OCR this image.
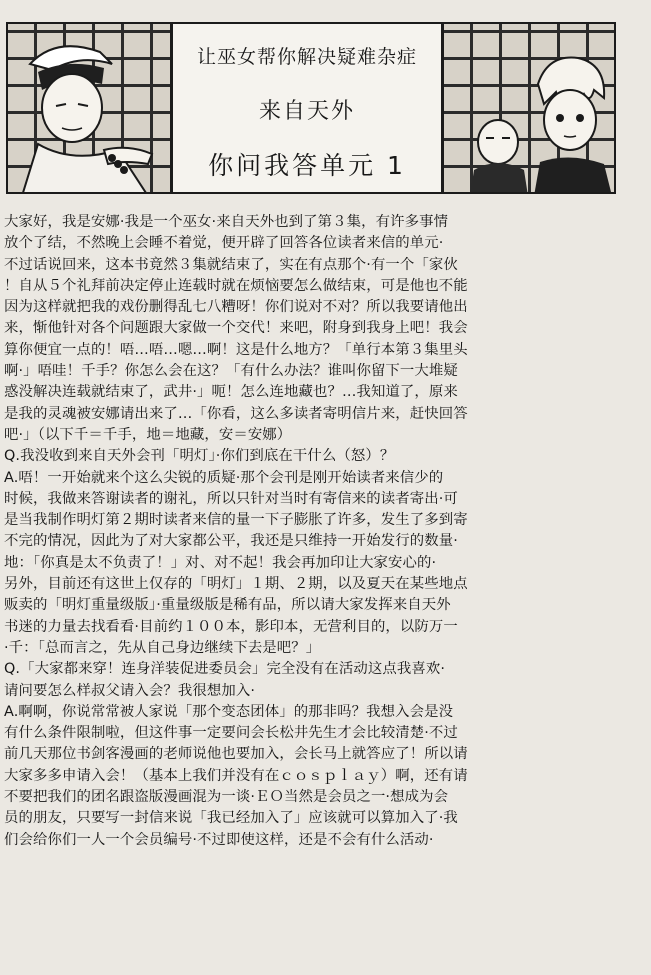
让巫女帮你解决疑难杂症
来自天外
你问我答单元 1

大家好，我是安娜·我是一个巫女·来自天外也到了第３集，有许多事情

放个了结，不然晚上会睡不着觉，便开辟了回答各位读者来信的单元·

不过话说回来，这本书竟然３集就结束了，实在有点那个·有一个「家伙

！自从５个礼拜前决定停止连载时就在烦恼要怎么做结束，可是他也不能

因为这样就把我的戏份删得乱七八糟呀！你们说对不对？所以我要请他出

来，惭他针对各个问题跟大家做一个交代！来吧，附身到我身上吧！我会

算你便宜一点的！唔…唔…嗯…啊！这是什么地方？「单行本第３集里头

啊·」唔哇！千手？你怎么会在这？「有什么办法？谁叫你留下一大堆疑

惑没解决连载就结束了，武井·」呃！怎么连地藏也？…我知道了，原来

是我的灵魂被安娜请出来了…「你看，这么多读者寄明信片来，赶快回答

吧·」（以下千＝千手，地＝地藏，安＝安娜）

Q.我没收到来自天外会刊「明灯」·你们到底在干什么（怒）？

A.唔！一开始就来个这么尖锐的质疑·那个会刊是刚开始读者来信少的

时候，我做来答谢读者的谢礼，所以只针对当时有寄信来的读者寄出·可

是当我制作明灯第２期时读者来信的量一下子膨胀了许多，发生了多到寄

不完的情况，因此为了对大家都公平，我还是只维持一开始发行的数量·

地：「你真是太不负责了！」对、对不起！我会再加印让大家安心的·

另外，目前还有这世上仅存的「明灯」１期、２期，以及夏天在某些地点

贩卖的「明灯重量级版」·重量级版是稀有品，所以请大家发挥来自天外

书迷的力量去找看看·目前约１００本，影印本，无营利目的，以防万一

·千：「总而言之，先从自己身边继续下去是吧？」

Q.「大家都来穿！连身洋装促进委员会」完全没有在活动这点我喜欢·

请问要怎么样叔父请入会？我很想加入·

A.啊啊，你说常常被人家说「那个变态团体」的那非吗？我想入会是没

有什么条件限制啦，但这件事一定要问会长松井先生才会比较清楚·不过

前几天那位书剑客漫画的老师说他也要加入，会长马上就答应了！所以请

大家多多申请入会！（基本上我们并没有在ｃｏｓｐｌａｙ）啊，还有请

不要把我们的团名跟盗版漫画混为一谈·ＥＯ当然是会员之一·想成为会

员的朋友，只要写一封信来说「我已经加入了」应该就可以算加入了·我

们会给你们一人一个会员编号·不过即使这样，还是不会有什么活动·
